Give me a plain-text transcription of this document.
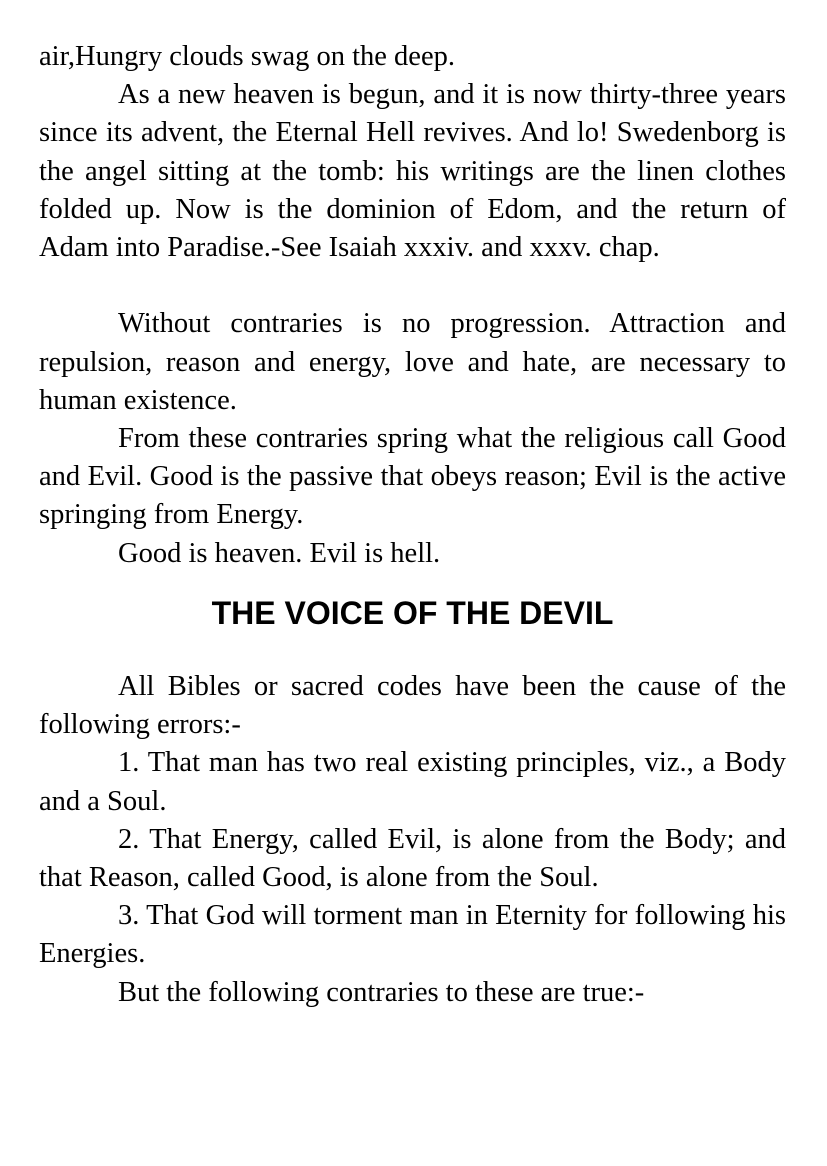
air,Hungry clouds swag on the deep.

As a new heaven is begun, and it is now thirty-three years since its advent, the Eternal Hell revives. And lo! Swedenborg is the angel sitting at the tomb: his writings are the linen clothes folded up. Now is the dominion of Edom, and the return of Adam into Paradise.-See Isaiah xxxiv. and xxxv. chap.

Without contraries is no progression. Attraction and repulsion, reason and energy, love and hate, are necessary to human existence.

From these contraries spring what the religious call Good and Evil. Good is the passive that obeys reason; Evil is the active springing from Energy.

Good is heaven. Evil is hell.

THE VOICE OF THE DEVIL

All Bibles or sacred codes have been the cause of the following errors:-

1. That man has two real existing principles, viz., a Body and a Soul.

2. That Energy, called Evil, is alone from the Body; and that Reason, called Good, is alone from the Soul.

3. That God will torment man in Eternity for following his Energies.

But the following contraries to these are true:-
